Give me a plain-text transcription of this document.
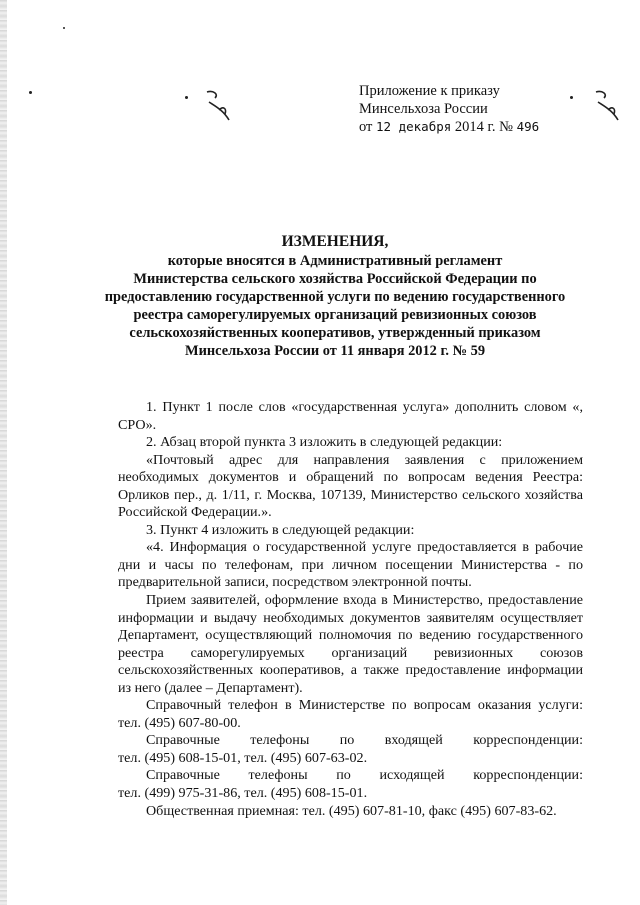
Приложение к приказу
Минсельхоза России
от 12 декабря 2014 г. № 496
ИЗМЕНЕНИЯ,
которые вносятся в Административный регламент
Министерства сельского хозяйства Российской Федерации по
предоставлению государственной услуги по ведению государственного
реестра саморегулируемых организаций ревизионных союзов
сельскохозяйственных кооперативов, утвержденный приказом
Минсельхоза России от 11 января 2012 г. № 59

1. Пункт 1 после слов «государственная услуга» дополнить словом «, СРО».

2. Абзац второй пункта 3 изложить в следующей редакции:

«Почтовый адрес для направления заявления с приложением необходимых документов и обращений по вопросам ведения Реестра: Орликов пер., д. 1/11, г. Москва, 107139, Министерство сельского хозяйства Российской Федерации.».

3. Пункт 4 изложить в следующей редакции:

«4. Информация о государственной услуге предоставляется в рабочие дни и часы по телефонам, при личном посещении Министерства - по предварительной записи, посредством электронной почты.

Прием заявителей, оформление входа в Министерство, предоставление информации и выдачу необходимых документов заявителям осуществляет Департамент, осуществляющий полномочия по ведению государственного реестра саморегулируемых организаций ревизионных союзов сельскохозяйственных кооперативов, а также предоставление информации из него (далее – Департамент).

Справочный телефон в Министерстве по вопросам оказания услуги: тел. (495) 607-80-00.

Справочные телефоны по входящей корреспонденции:

тел. (495) 608-15-01, тел. (495) 607-63-02.

Справочные телефоны по исходящей корреспонденции:

тел. (499) 975-31-86, тел. (495) 608-15-01.

Общественная приемная: тел. (495) 607-81-10, факс (495) 607-83-62.
